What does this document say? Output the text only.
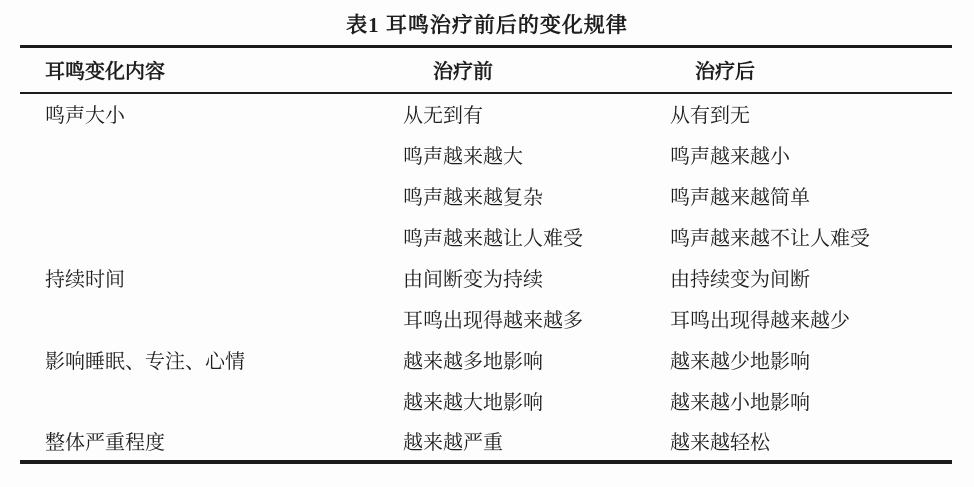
表1 耳鸣治疗前后的变化规律
耳鸣变化内容	治疗前	治疗后
鸣声大小	从无到有	从有到无
	鸣声越来越大	鸣声越来越小
	鸣声越来越复杂	鸣声越来越简单
	鸣声越来越让人难受	鸣声越来越不让人难受
持续时间	由间断变为持续	由持续变为间断
	耳鸣出现得越来越多	耳鸣出现得越来越少
影响睡眠、专注、心情	越来越多地影响	越来越少地影响
	越来越大地影响	越来越小地影响
整体严重程度	越来越严重	越来越轻松
